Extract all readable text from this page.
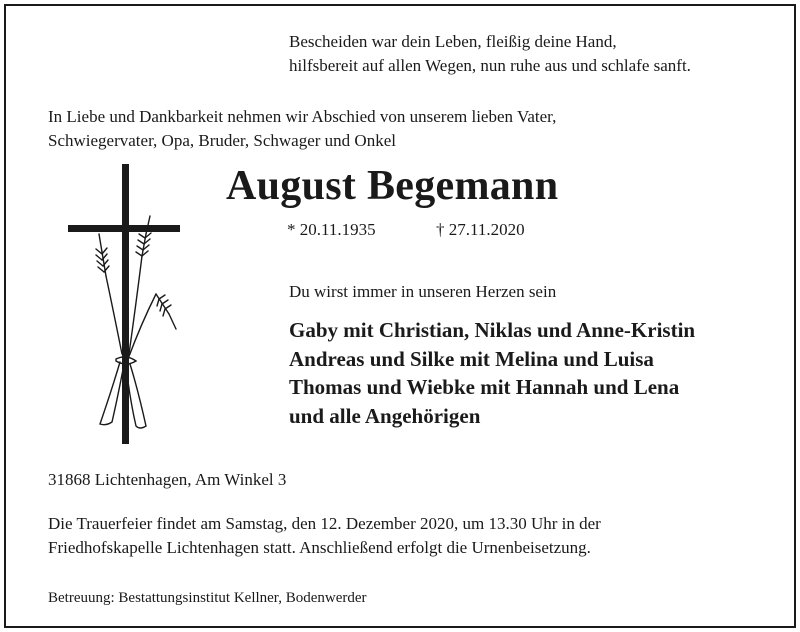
Bescheiden war dein Leben, fleißig deine Hand,
hilfsbereit auf allen Wegen, nun ruhe aus und schlafe sanft.
In Liebe und Dankbarkeit nehmen wir Abschied von unserem lieben Vater,
Schwiegervater, Opa, Bruder, Schwager und Onkel
August Begemann
* 20.11.1935	† 27.11.2020
Du wirst immer in unseren Herzen sein
Gaby mit Christian, Niklas und Anne-Kristin
Andreas und Silke mit Melina und Luisa
Thomas und Wiebke mit Hannah und Lena
und alle Angehörigen
31868 Lichtenhagen, Am Winkel 3
Die Trauerfeier findet am Samstag, den 12. Dezember 2020, um 13.30 Uhr in der
Friedhofskapelle Lichtenhagen statt. Anschließend erfolgt die Urnenbeisetzung.
Betreuung: Bestattungsinstitut Kellner, Bodenwerder
